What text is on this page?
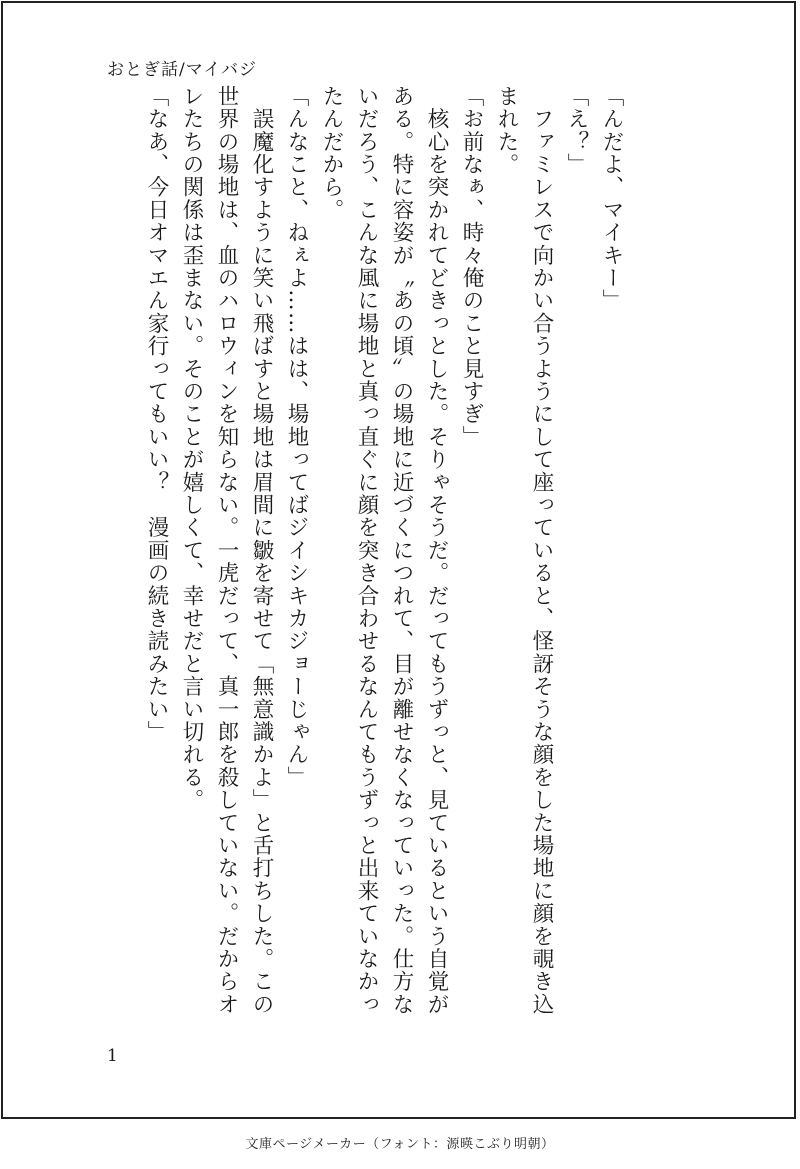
おとぎ話/マイバジ

「んだよ、マイキー」

「え？」

　ファミレスで向かい合うようにして座っていると、怪訝そうな顔をした場地に顔を覗き込まれた。

「お前なぁ、時々俺のこと見すぎ」

　核心を突かれてどきっとした。そりゃそうだ。だってもうずっと、見ているという自覚がある。特に容姿が〝あの頃〟の場地に近づくにつれて、目が離せなくなっていった。仕方ないだろう、こんな風に場地と真っ直ぐに顔を突き合わせるなんてもうずっと出来ていなかったんだから。

「んなこと、ねぇよ……はは、場地ってばジイシキカジョーじゃん」

　誤魔化すように笑い飛ばすと場地は眉間に皺を寄せて「無意識かよ」と舌打ちした。この世界の場地は、血のハロウィンを知らない。一虎だって、真一郎を殺していない。だからオレたちの関係は歪まない。そのことが嬉しくて、幸せだと言い切れる。

「なあ、今日オマエん家行ってもいい？　漫画の続き読みたい」

1
文庫ページメーカー（フォント：源暎こぶり明朝）
